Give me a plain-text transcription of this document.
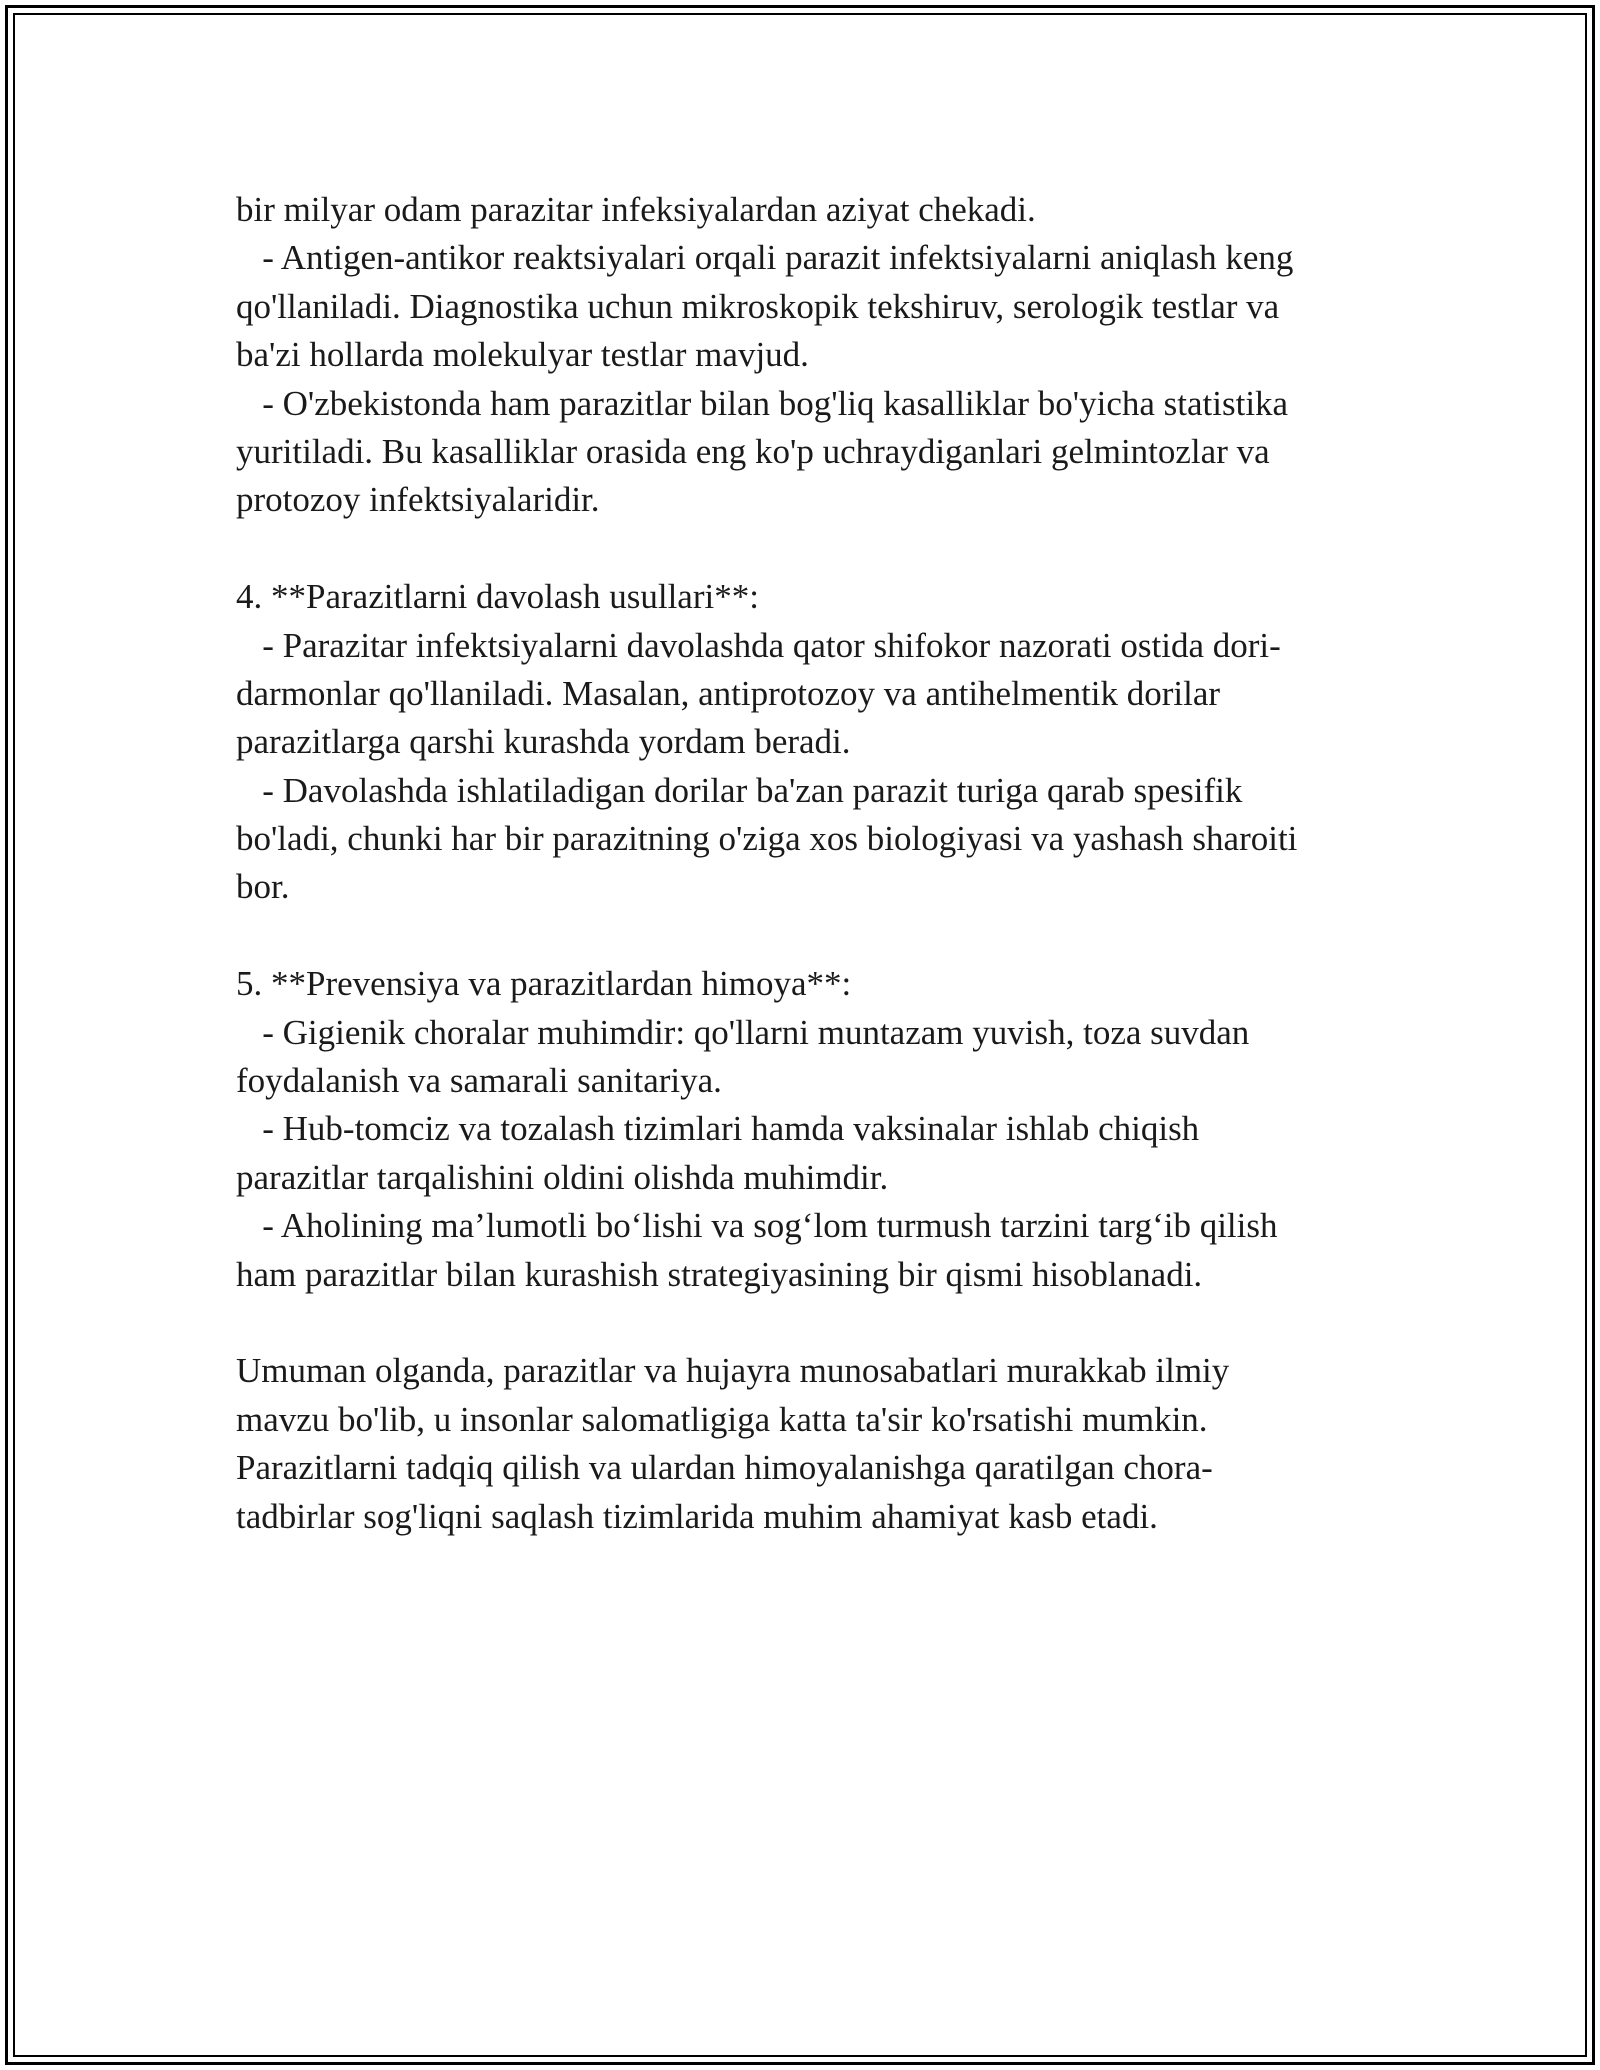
bir milyar odam parazitar infeksiyalardan aziyat chekadi.
- Antigen-antikor reaktsiyalari orqali parazit infektsiyalarni aniqlash keng
qo'llaniladi. Diagnostika uchun mikroskopik tekshiruv, serologik testlar va
ba'zi hollarda molekulyar testlar mavjud.
- O'zbekistonda ham parazitlar bilan bog'liq kasalliklar bo'yicha statistika
yuritiladi. Bu kasalliklar orasida eng ko'p uchraydiganlari gelmintozlar va
protozoy infektsiyalaridir.
4. **Parazitlarni davolash usullari**:
- Parazitar infektsiyalarni davolashda qator shifokor nazorati ostida dori-
darmonlar qo'llaniladi. Masalan, antiprotozoy va antihelmentik dorilar
parazitlarga qarshi kurashda yordam beradi.
- Davolashda ishlatiladigan dorilar ba'zan parazit turiga qarab spesifik
bo'ladi, chunki har bir parazitning o'ziga xos biologiyasi va yashash sharoiti
bor.
5. **Prevensiya va parazitlardan himoya**:
- Gigienik choralar muhimdir: qo'llarni muntazam yuvish, toza suvdan
foydalanish va samarali sanitariya.
- Hub-tomciz va tozalash tizimlari hamda vaksinalar ishlab chiqish
parazitlar tarqalishini oldini olishda muhimdir.
- Aholining ma’lumotli bo‘lishi va sog‘lom turmush tarzini targ‘ib qilish
ham parazitlar bilan kurashish strategiyasining bir qismi hisoblanadi.
Umuman olganda, parazitlar va hujayra munosabatlari murakkab ilmiy
mavzu bo'lib, u insonlar salomatligiga katta ta'sir ko'rsatishi mumkin.
Parazitlarni tadqiq qilish va ulardan himoyalanishga qaratilgan chora-
tadbirlar sog'liqni saqlash tizimlarida muhim ahamiyat kasb etadi.
